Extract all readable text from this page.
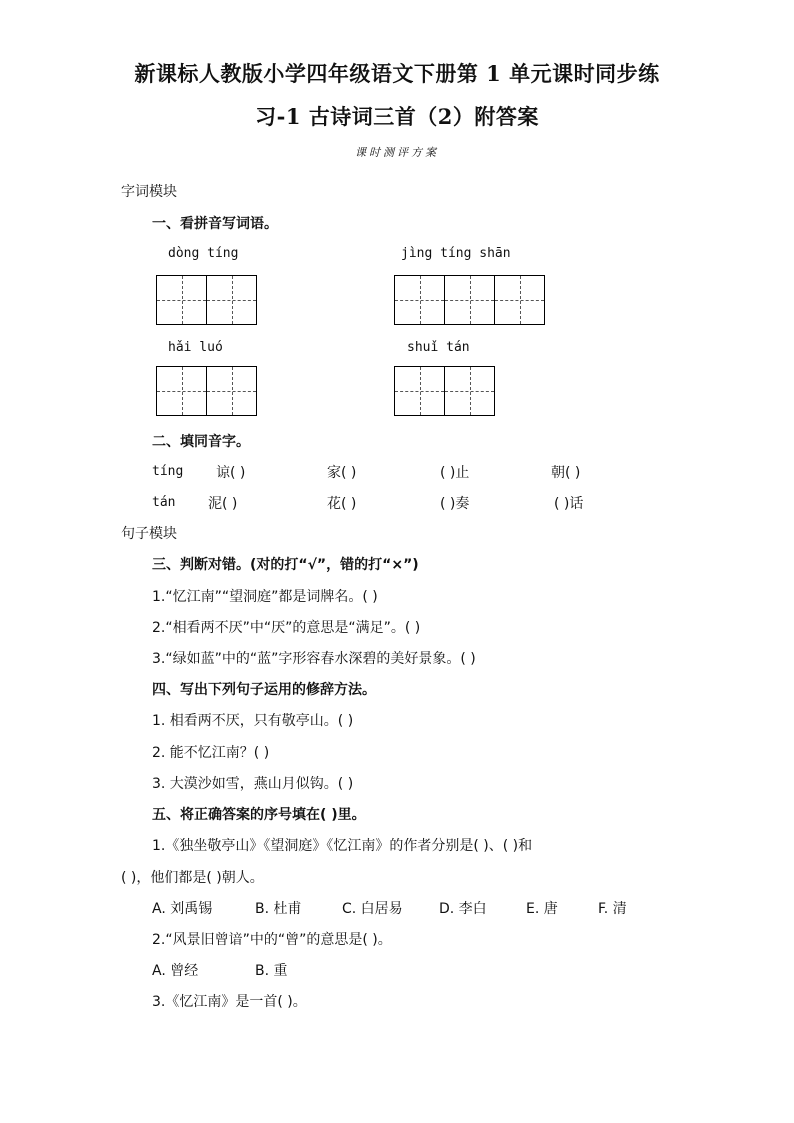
新课标人教版小学四年级语文下册第 1 单元课时同步练
习-1 古诗词三首（2）附答案
课时测评方案
字词模块
一、看拼音写词语。
dòng tíng	jìng tíng shān
hǎi luó	shuǐ tán
二、填同音字。
tíng 谅( )	家( )	( )止	朝( )
tán 泥( )	花( )	( )奏	( )话
句子模块
三、判断对错。(对的打“√”，错的打“×”)
1.“忆江南”“望洞庭”都是词牌名。( )
2.“相看两不厌”中“厌”的意思是“满足”。( )
3.“绿如蓝”中的“蓝”字形容春水深碧的美好景象。( )
四、写出下列句子运用的修辞方法。
1. 相看两不厌，只有敬亭山。( )
2. 能不忆江南？( )
3. 大漠沙如雪，燕山月似钩。( )
五、将正确答案的序号填在( )里。
1.《独坐敬亭山》《望洞庭》《忆江南》的作者分别是( )、( )和
( )，他们都是( )朝人。
A. 刘禹锡	B. 杜甫	C. 白居易	D. 李白	E. 唐	F. 清
2.“风景旧曾谙”中的“曾”的意思是( )。
A. 曾经	B. 重
3.《忆江南》是一首( )。
